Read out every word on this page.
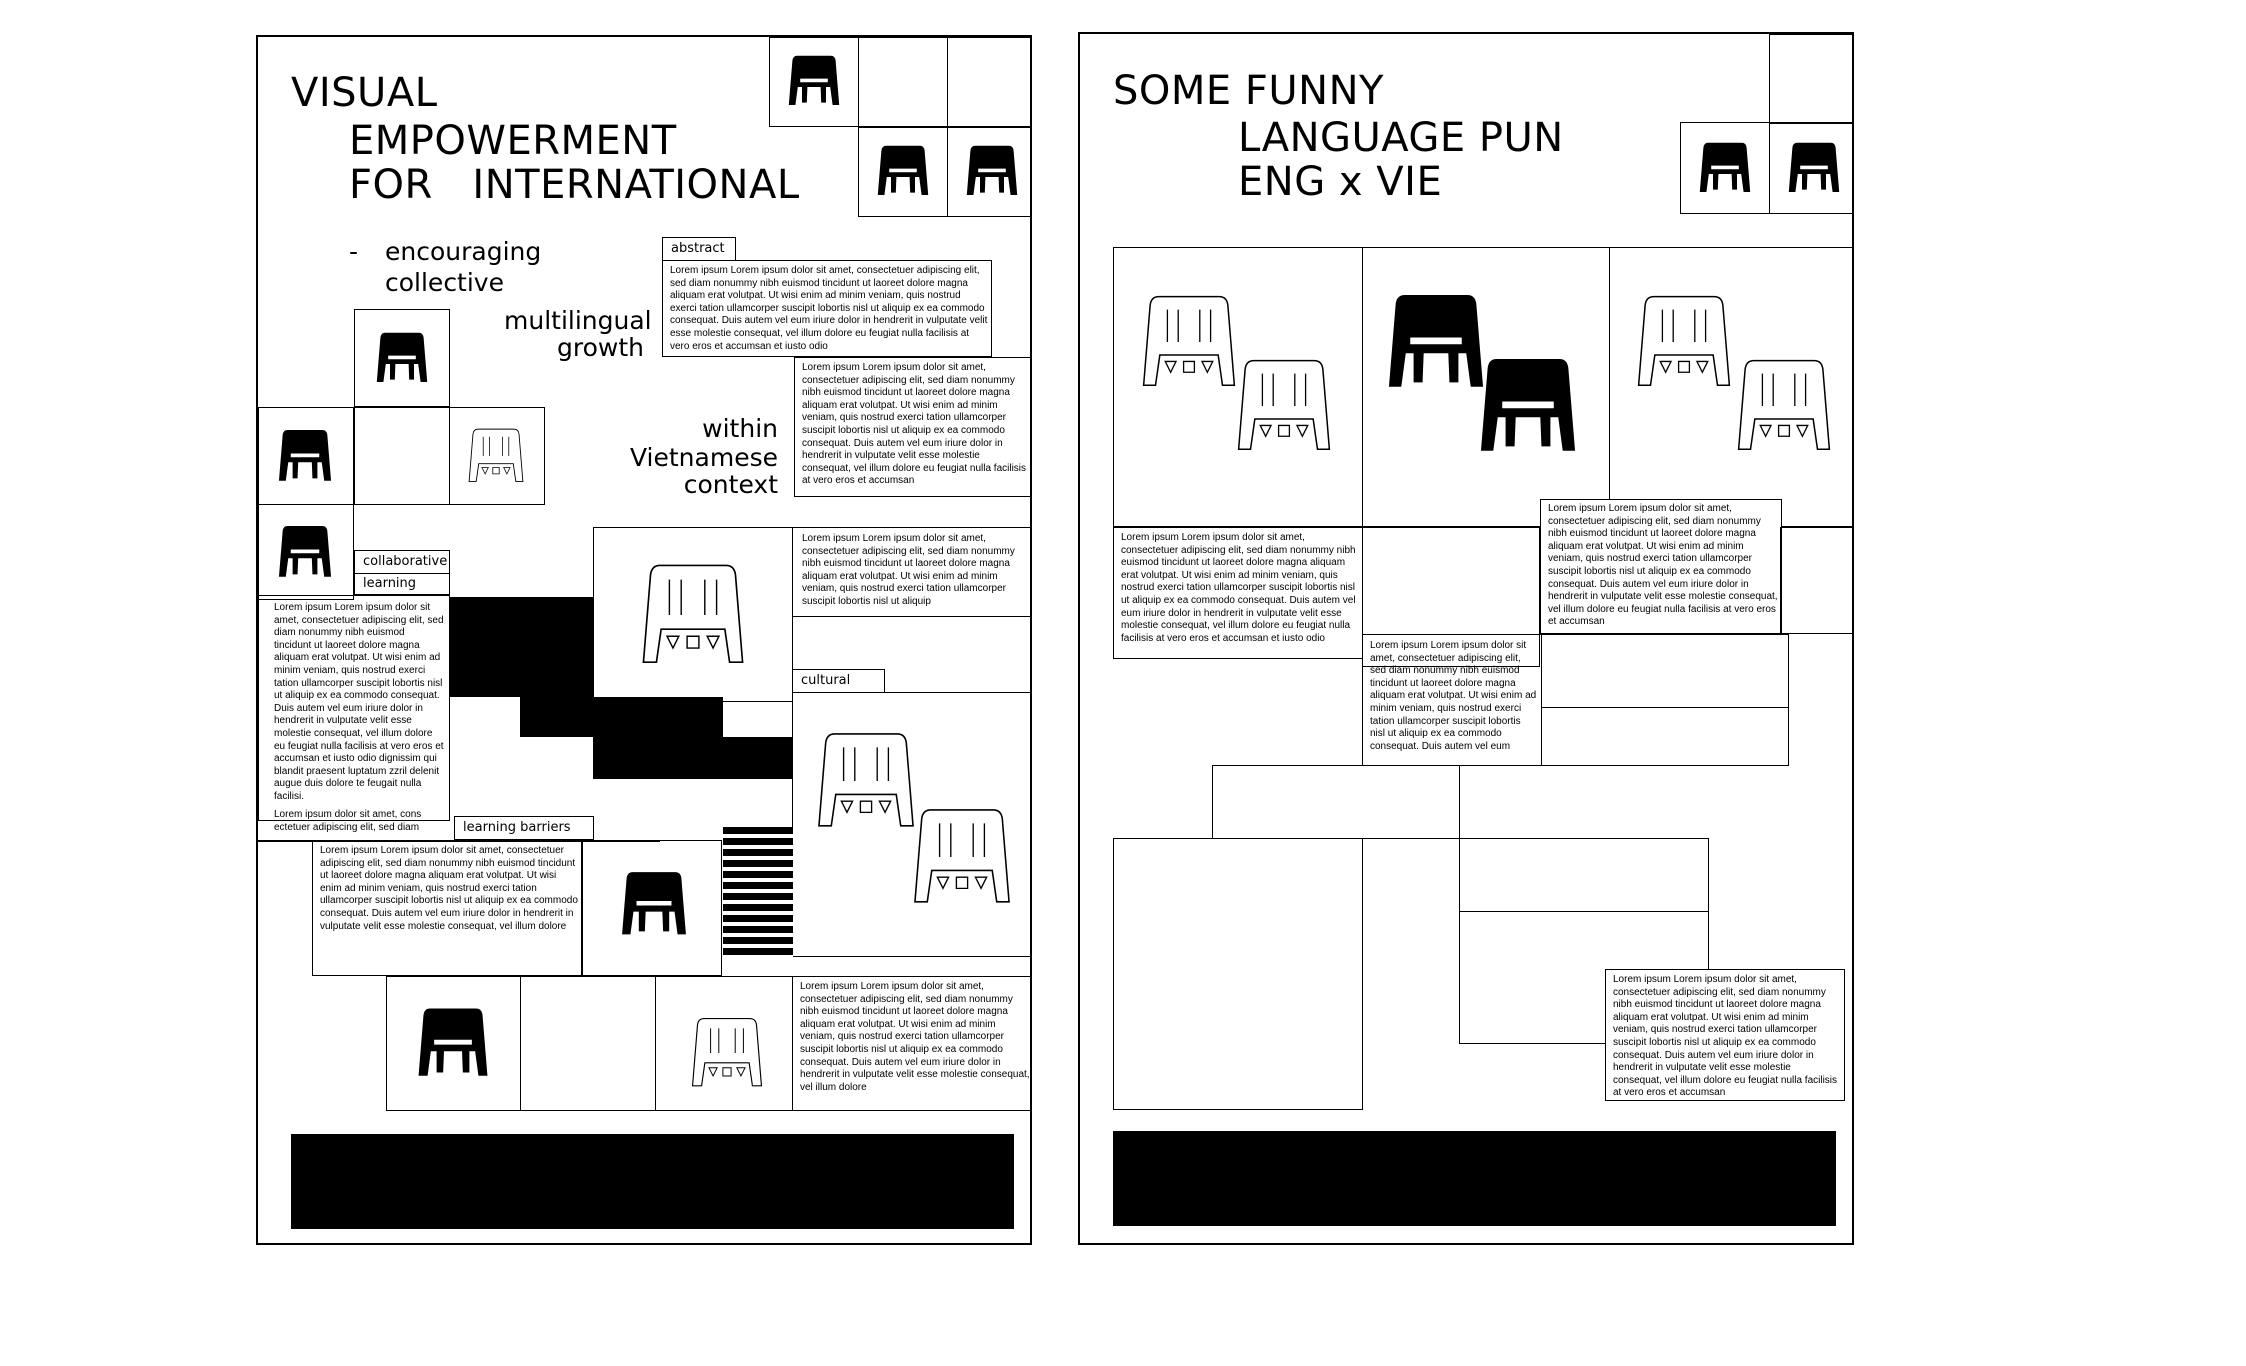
VISUAL
EMPOWERMENT
FOR   INTERNATIONAL
- encouraging
collective
multilingual
growth
within
Vietnamese
context
abstract
Lorem ipsum Lorem ipsum dolor sit amet, consectetuer adipiscing elit, sed diam nonummy nibh euismod tincidunt ut laoreet dolore magna aliquam erat volutpat. Ut wisi enim ad minim veniam, quis nostrud exerci tation ullamcorper suscipit lobortis nisl ut aliquip ex ea commodo consequat. Duis autem vel eum iriure dolor in hendrerit in vulputate velit esse molestie consequat, vel illum dolore eu feugiat nulla facilisis at vero eros et accumsan et iusto odio
Lorem ipsum Lorem ipsum dolor sit amet, consectetuer adipiscing elit, sed diam nonummy nibh euismod tincidunt ut laoreet dolore magna aliquam erat volutpat. Ut wisi enim ad minim veniam, quis nostrud exerci tation ullamcorper suscipit lobortis nisl ut aliquip ex ea commodo consequat. Duis autem vel eum iriure dolor in hendrerit in vulputate velit esse molestie consequat, vel illum dolore eu feugiat nulla facilisis at vero eros et accumsan
collaborative
learning
Lorem ipsum Lorem ipsum dolor sit amet, consectetuer adipiscing elit, sed diam nonummy nibh euismod tincidunt ut laoreet dolore magna aliquam erat volutpat. Ut wisi enim ad minim veniam, quis nostrud exerci tation ullamcorper suscipit lobortis nisl ut aliquip ex ea commodo consequat. Duis autem vel eum iriure dolor in hendrerit in vulputate velit esse molestie consequat, vel illum dolore eu feugiat nulla facilisis at vero eros et accumsan et iusto odio dignissim qui blandit praesent luptatum zzril delenit augue duis dolore te feugait nulla facilisi.
Lorem ipsum dolor sit amet, cons ectetuer adipiscing elit, sed diam
Lorem ipsum Lorem ipsum dolor sit amet, consectetuer adipiscing elit, sed diam nonummy nibh euismod tincidunt ut laoreet dolore magna aliquam erat volutpat. Ut wisi enim ad minim veniam, quis nostrud exerci tation ullamcorper suscipit lobortis nisl ut aliquip
cultural
learning barriers
Lorem ipsum Lorem ipsum dolor sit amet, consectetuer adipiscing elit, sed diam nonummy nibh euismod tincidunt ut laoreet dolore magna aliquam erat volutpat. Ut wisi enim ad minim veniam, quis nostrud exerci tation ullamcorper suscipit lobortis nisl ut aliquip ex ea commodo consequat. Duis autem vel eum iriure dolor in hendrerit in vulputate velit esse molestie consequat, vel illum dolore
Lorem ipsum Lorem ipsum dolor sit amet, consectetuer adipiscing elit, sed diam nonummy nibh euismod tincidunt ut laoreet dolore magna aliquam erat volutpat. Ut wisi enim ad minim veniam, quis nostrud exerci tation ullamcorper suscipit lobortis nisl ut aliquip ex ea commodo consequat. Duis autem vel eum iriure dolor in hendrerit in vulputate velit esse molestie consequat, vel illum dolore
SOME FUNNY
LANGUAGE PUN
ENG x VIE
Lorem ipsum Lorem ipsum dolor sit amet, consectetuer adipiscing elit, sed diam nonummy nibh euismod tincidunt ut laoreet dolore magna aliquam erat volutpat. Ut wisi enim ad minim veniam, quis nostrud exerci tation ullamcorper suscipit lobortis nisl ut aliquip ex ea commodo consequat. Duis autem vel eum iriure dolor in hendrerit in vulputate velit esse molestie consequat, vel illum dolore eu feugiat nulla facilisis at vero eros et accumsan et iusto odio
Lorem ipsum Lorem ipsum dolor sit amet, consectetuer adipiscing elit, sed diam nonummy nibh euismod tincidunt ut laoreet dolore magna aliquam erat volutpat. Ut wisi enim ad minim veniam, quis nostrud exerci tation ullamcorper suscipit lobortis nisl ut aliquip ex ea commodo consequat. Duis autem vel eum iriure dolor in hendrerit in vulputate velit esse molestie consequat, vel illum dolore eu feugiat nulla facilisis at vero eros et accumsan
Lorem ipsum Lorem ipsum dolor sit amet, consectetuer adipiscing elit, sed diam nonummy nibh euismod tincidunt ut laoreet dolore magna aliquam erat volutpat. Ut wisi enim ad minim veniam, quis nostrud exerci tation ullamcorper suscipit lobortis nisl ut aliquip ex ea commodo consequat. Duis autem vel eum
Lorem ipsum Lorem ipsum dolor sit amet, consectetuer adipiscing elit, sed diam nonummy nibh euismod tincidunt ut laoreet dolore magna aliquam erat volutpat. Ut wisi enim ad minim veniam, quis nostrud exerci tation ullamcorper suscipit lobortis nisl ut aliquip ex ea commodo consequat. Duis autem vel eum iriure dolor in hendrerit in vulputate velit esse molestie consequat, vel illum dolore eu feugiat nulla facilisis at vero eros et accumsan
